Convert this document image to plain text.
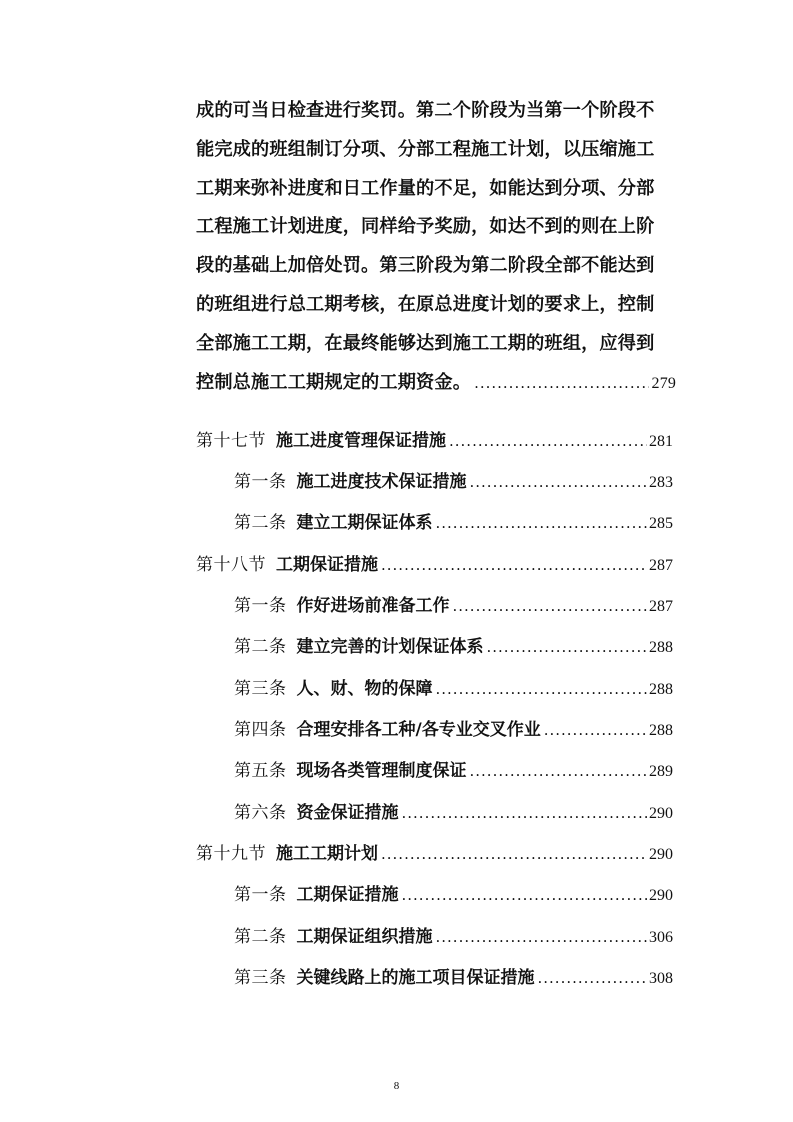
成的可当日检查进行奖罚。第二个阶段为当第一个阶段不
能完成的班组制订分项、分部工程施工计划，以压缩施工
工期来弥补进度和日工作量的不足，如能达到分项、分部
工程施工计划进度，同样给予奖励，如达不到的则在上阶
段的基础上加倍处罚。第三阶段为第二阶段全部不能达到
的班组进行总工期考核，在原总进度计划的要求上，控制
全部施工工期，在最终能够达到施工工期的班组，应得到
控制总施工工期规定的工期资金。 .....	279
第十七节 施工进度管理保证措施 .....	281
第一条 施工进度技术保证措施 .....	283
第二条 建立工期保证体系 .....	285
第十八节 工期保证措施 .....	287
第一条 作好进场前准备工作 .....	287
第二条 建立完善的计划保证体系 .....	288
第三条 人、财、物的保障 .....	288
第四条 合理安排各工种/各专业交叉作业 .....	288
第五条 现场各类管理制度保证 .....	289
第六条 资金保证措施 .....	290
第十九节 施工工期计划 .....	290
第一条 工期保证措施 .....	290
第二条 工期保证组织措施 .....	306
第三条 关键线路上的施工项目保证措施 .....	308
8
